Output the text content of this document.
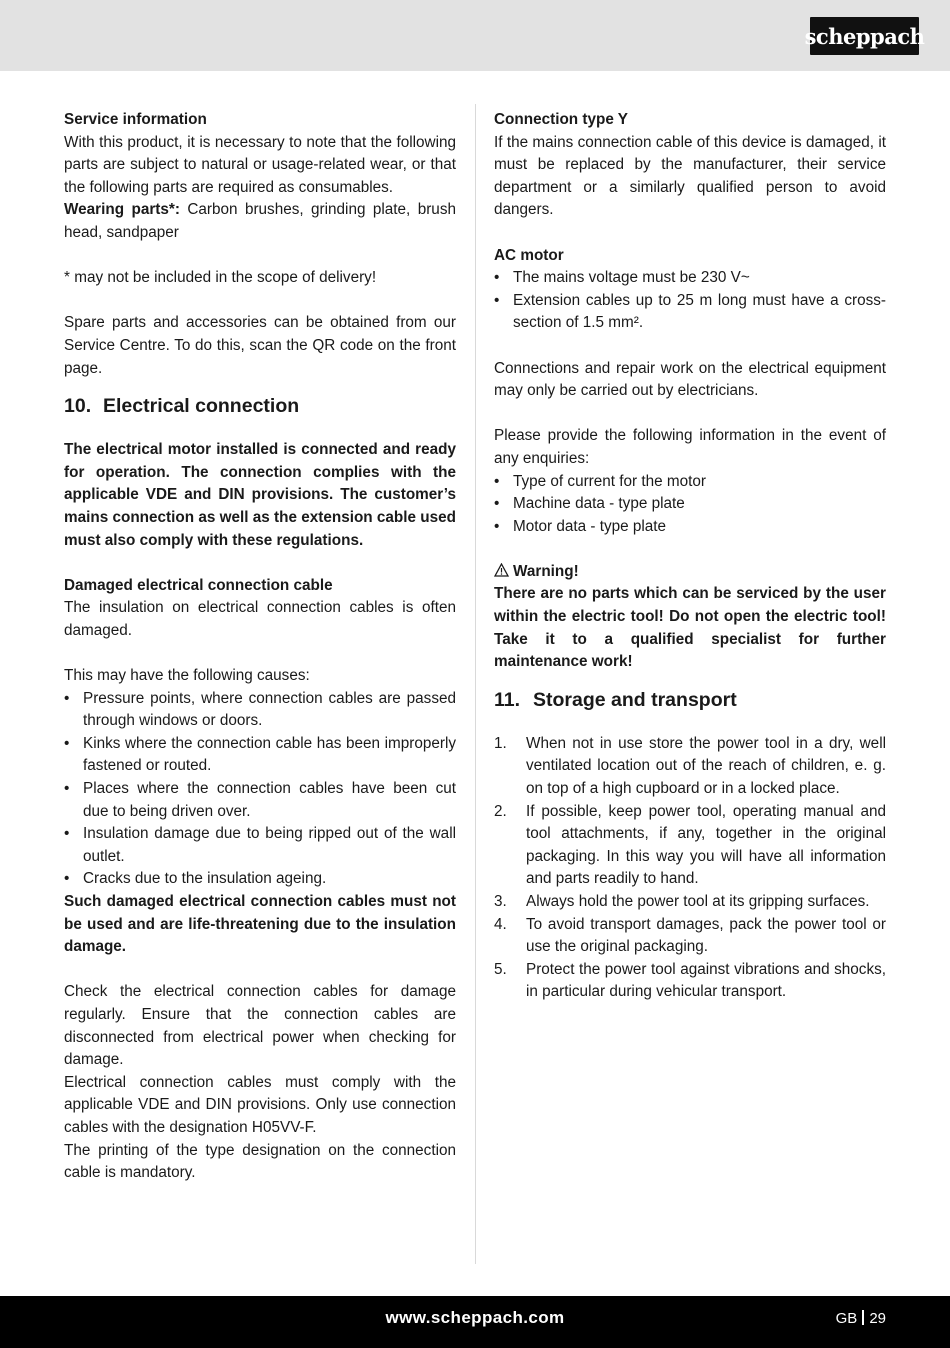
scheppach
Service information
With this product, it is necessary to note that the following parts are subject to natural or usage-related wear, or that the following parts are required as consumables.
Wearing parts*: Carbon brushes, grinding plate, brush head, sandpaper
* may not be included in the scope of delivery!
Spare parts and accessories can be obtained from our Service Centre. To do this, scan the QR code on the front page.
10. Electrical connection
The electrical motor installed is connected and ready for operation. The connection complies with the applicable VDE and DIN provisions. The customer’s mains connection as well as the extension cable used must also comply with these regulations.
Damaged electrical connection cable
The insulation on electrical connection cables is often damaged.
This may have the following causes:
• Pressure points, where connection cables are passed through windows or doors.
• Kinks where the connection cable has been improperly fastened or routed.
• Places where the connection cables have been cut due to being driven over.
• Insulation damage due to being ripped out of the wall outlet.
• Cracks due to the insulation ageing.
Such damaged electrical connection cables must not be used and are life-threatening due to the insulation damage.
Check the electrical connection cables for damage regularly. Ensure that the connection cables are disconnected from electrical power when checking for damage.
Electrical connection cables must comply with the applicable VDE and DIN provisions. Only use connection cables with the designation H05VV-F.
The printing of the type designation on the connection cable is mandatory.
Connection type Y
If the mains connection cable of this device is damaged, it must be replaced by the manufacturer, their service department or a similarly qualified person to avoid dangers.
AC motor
• The mains voltage must be 230 V~
• Extension cables up to 25 m long must have a cross-section of 1.5 mm².
Connections and repair work on the electrical equipment may only be carried out by electricians.
Please provide the following information in the event of any enquiries:
• Type of current for the motor
• Machine data - type plate
• Motor data - type plate
Warning!
There are no parts which can be serviced by the user within the electric tool! Do not open the electric tool! Take it to a qualified specialist for further maintenance work!
11. Storage and transport
1. When not in use store the power tool in a dry, well ventilated location out of the reach of children, e. g. on top of a high cupboard or in a locked place.
2. If possible, keep power tool, operating manual and tool attachments, if any, together in the original packaging. In this way you will have all information and parts readily to hand.
3. Always hold the power tool at its gripping surfaces.
4. To avoid transport damages, pack the power tool or use the original packaging.
5. Protect the power tool against vibrations and shocks, in particular during vehicular transport.
www.scheppach.com	GB 29
